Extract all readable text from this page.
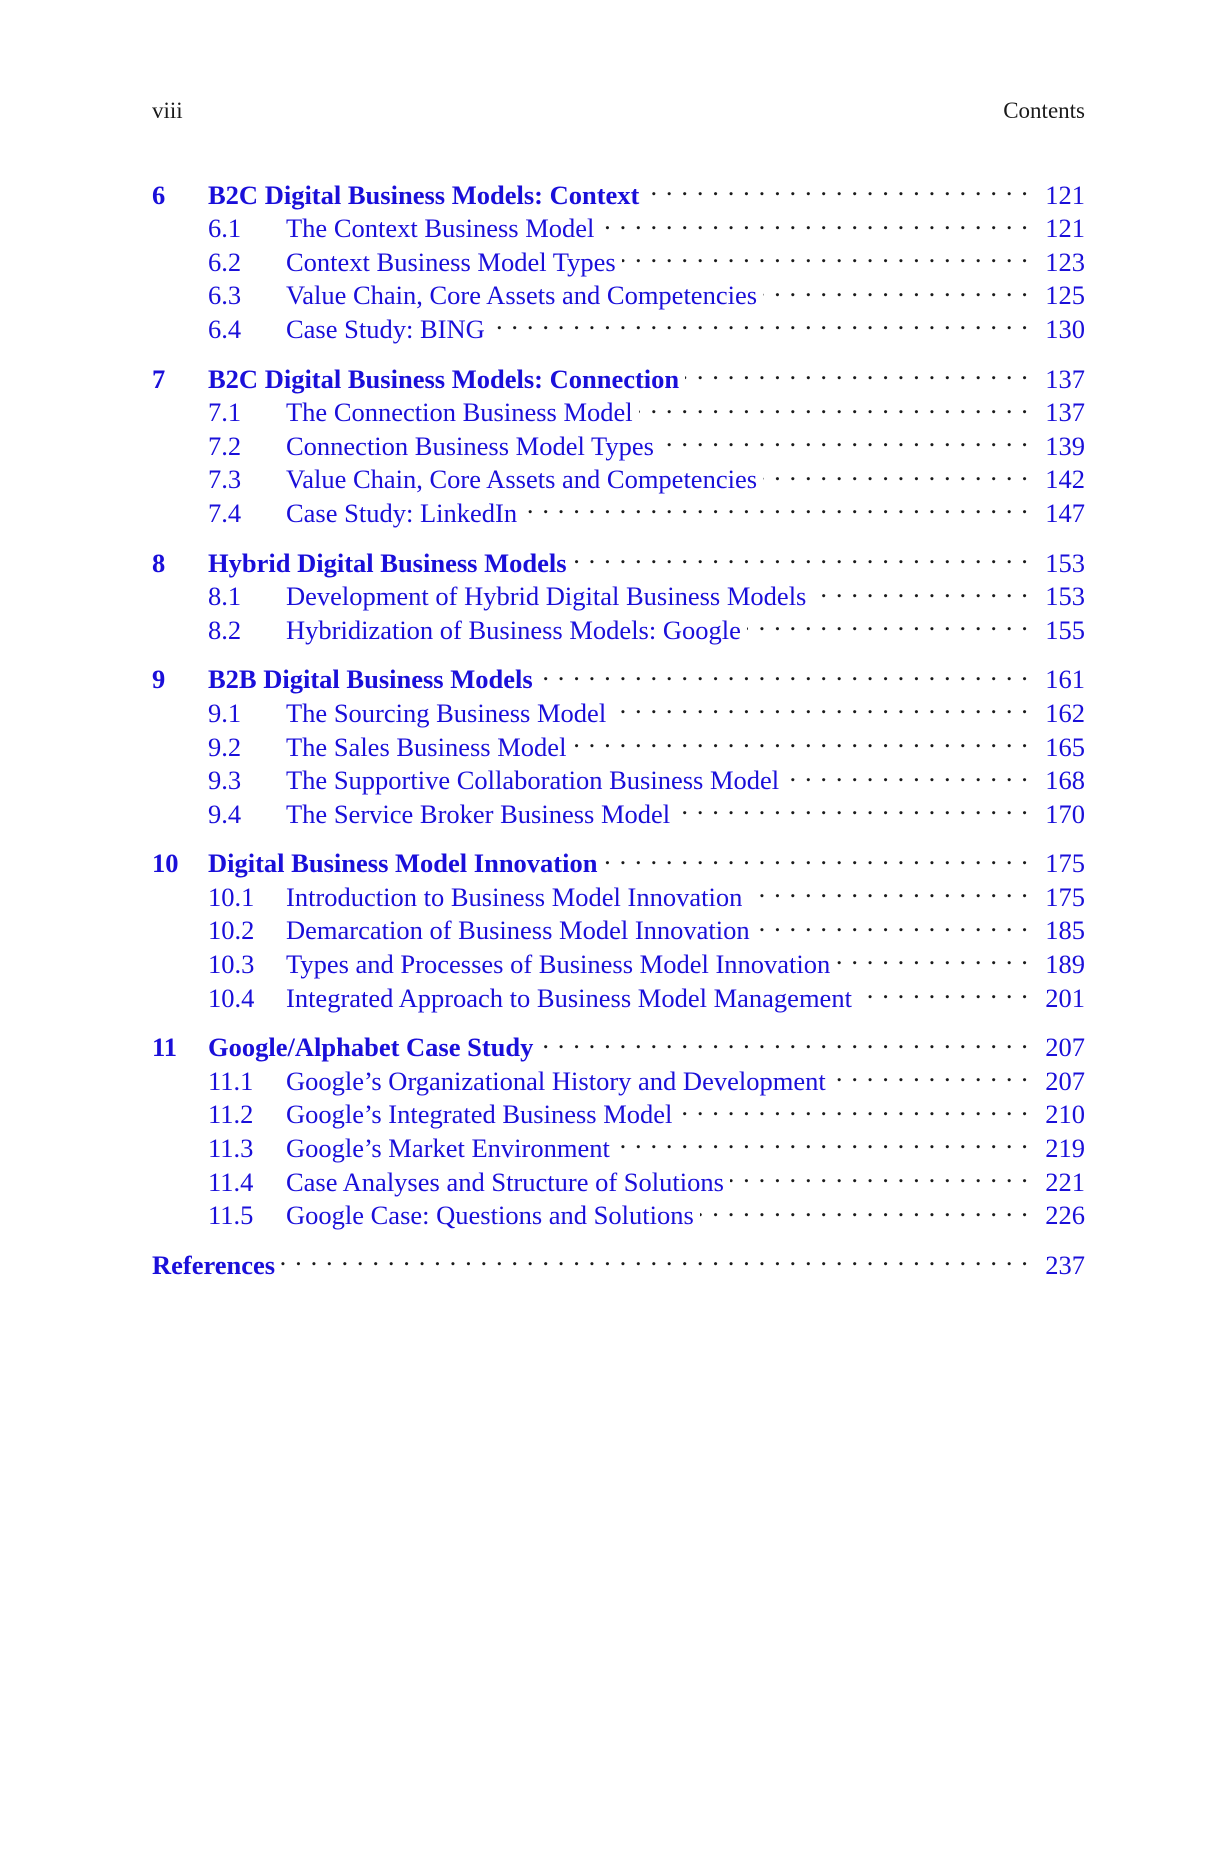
viii	Contents
6	B2C Digital Business Models: Context . . .	121
6.1	The Context Business Model . . .	121
6.2	Context Business Model Types . . .	123
6.3	Value Chain, Core Assets and Competencies . . .	125
6.4	Case Study: BING . . .	130
7	B2C Digital Business Models: Connection . . .	137
7.1	The Connection Business Model . . .	137
7.2	Connection Business Model Types . . .	139
7.3	Value Chain, Core Assets and Competencies . . .	142
7.4	Case Study: LinkedIn . . .	147
8	Hybrid Digital Business Models . . .	153
8.1	Development of Hybrid Digital Business Models . . .	153
8.2	Hybridization of Business Models: Google . . .	155
9	B2B Digital Business Models . . .	161
9.1	The Sourcing Business Model . . .	162
9.2	The Sales Business Model . . .	165
9.3	The Supportive Collaboration Business Model . . .	168
9.4	The Service Broker Business Model . . .	170
10	Digital Business Model Innovation . . .	175
10.1	Introduction to Business Model Innovation . . .	175
10.2	Demarcation of Business Model Innovation . . .	185
10.3	Types and Processes of Business Model Innovation . . .	189
10.4	Integrated Approach to Business Model Management . . .	201
11	Google/Alphabet Case Study . . .	207
11.1	Google’s Organizational History and Development . . .	207
11.2	Google’s Integrated Business Model . . .	210
11.3	Google’s Market Environment . . .	219
11.4	Case Analyses and Structure of Solutions . . .	221
11.5	Google Case: Questions and Solutions . . .	226
References . . .	237
